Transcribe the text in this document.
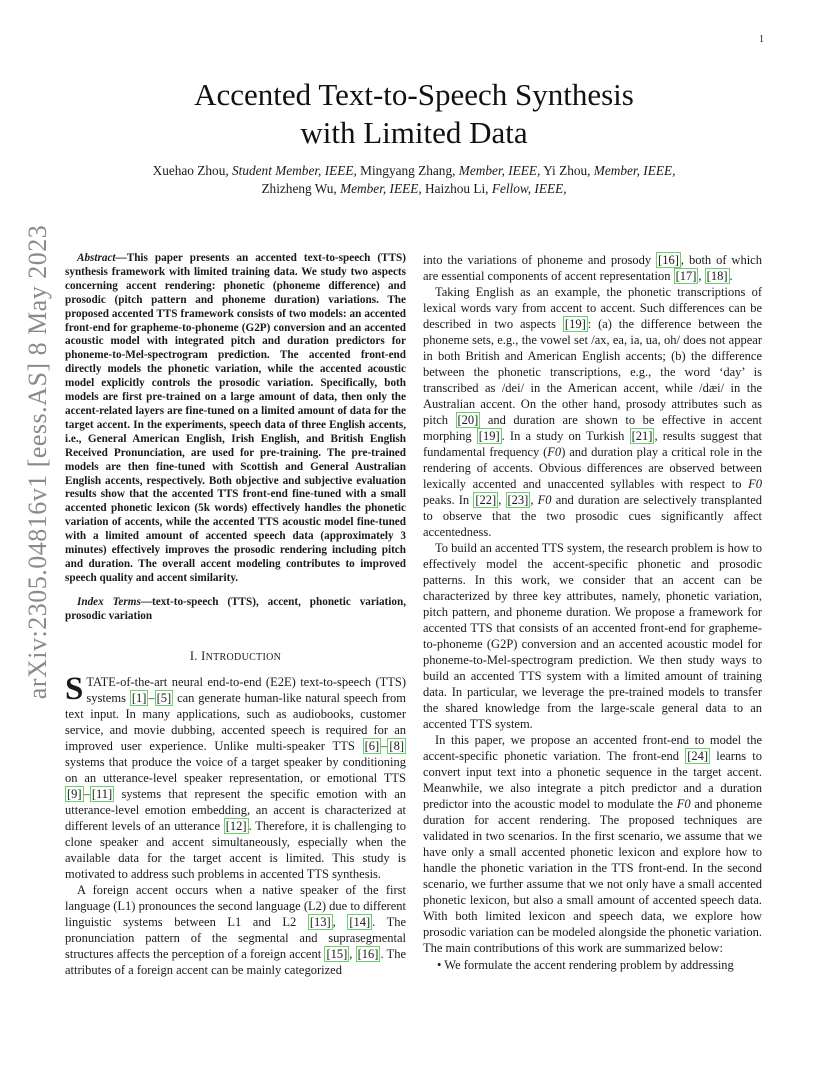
1
arXiv:2305.04816v1 [eess.AS] 8 May 2023
Accented Text-to-Speech Synthesis
with Limited Data
Xuehao Zhou, Student Member, IEEE, Mingyang Zhang, Member, IEEE, Yi Zhou, Member, IEEE,
Zhizheng Wu, Member, IEEE, Haizhou Li, Fellow, IEEE,

Abstract—This paper presents an accented text-to-speech (TTS) synthesis framework with limited training data. We study two aspects concerning accent rendering: phonetic (phoneme difference) and prosodic (pitch pattern and phoneme duration) variations. The proposed accented TTS framework consists of two models: an accented front-end for grapheme-to-phoneme (G2P) conversion and an accented acoustic model with integrated pitch and duration predictors for phoneme-to-Mel-spectrogram prediction. The accented front-end directly models the phonetic variation, while the accented acoustic model explicitly controls the prosodic variation. Specifically, both models are first pre-trained on a large amount of data, then only the accent-related layers are fine-tuned on a limited amount of data for the target accent. In the experiments, speech data of three English accents, i.e., General American English, Irish English, and British English Received Pronunciation, are used for pre-training. The pre-trained models are then fine-tuned with Scottish and General Australian English accents, respectively. Both objective and subjective evaluation results show that the accented TTS front-end fine-tuned with a small accented phonetic lexicon (5k words) effectively handles the phonetic variation of accents, while the accented TTS acoustic model fine-tuned with a limited amount of accented speech data (approximately 3 minutes) effectively improves the prosodic rendering including pitch and duration. The overall accent modeling contributes to improved speech quality and accent similarity.

Index Terms—text-to-speech (TTS), accent, phonetic variation, prosodic variation

I. INTRODUCTION

STATE-of-the-art neural end-to-end (E2E) text-to-speech (TTS) systems [1] – [5] can generate human-like natural speech from text input. In many applications, such as audiobooks, customer service, and movie dubbing, accented speech is required for an improved user experience. Unlike multi-speaker TTS [6] – [8] systems that produce the voice of a target speaker by conditioning on an utterance-level speaker representation, or emotional TTS [9] – [11] systems that represent the specific emotion with an utterance-level emotion embedding, an accent is characterized at different levels of an utterance [12] . Therefore, it is challenging to clone speaker and accent simultaneously, especially when the available data for the target accent is limited. This study is motivated to address such problems in accented TTS synthesis.

A foreign accent occurs when a native speaker of the first language (L1) pronounces the second language (L2) due to different linguistic systems between L1 and L2 [13] , [14] . The pronunciation pattern of the segmental and suprasegmental structures affects the perception of a foreign accent [15] , [16] . The attributes of a foreign accent can be mainly categorized

into the variations of phoneme and prosody [16] , both of which are essential components of accent representation [17] , [18] .

Taking English as an example, the phonetic transcriptions of lexical words vary from accent to accent. Such differences can be described in two aspects [19] : (a) the difference between the phoneme sets, e.g., the vowel set /ax, ea, ia, ua, oh/ does not appear in both British and American English accents; (b) the difference between the phonetic transcriptions, e.g., the word ‘day’ is transcribed as /dei/ in the American accent, while /dæi/ in the Australian accent. On the other hand, prosody attributes such as pitch [20] and duration are shown to be effective in accent morphing [19] . In a study on Turkish [21] , results suggest that fundamental frequency (F0) and duration play a critical role in the rendering of accents. Obvious differences are observed between lexically accented and unaccented syllables with respect to F0 peaks. In [22] , [23] , F0 and duration are selectively transplanted to observe that the two prosodic cues significantly affect accentedness.

To build an accented TTS system, the research problem is how to effectively model the accent-specific phonetic and prosodic patterns. In this work, we consider that an accent can be characterized by three key attributes, namely, phonetic variation, pitch pattern, and phoneme duration. We propose a framework for accented TTS that consists of an accented front-end for grapheme-to-phoneme (G2P) conversion and an accented acoustic model for phoneme-to-Mel-spectrogram prediction. We then study ways to build an accented TTS system with a limited amount of training data. In particular, we leverage the pre-trained models to transfer the shared knowledge from the large-scale general data to an accented TTS system.

In this paper, we propose an accented front-end to model the accent-specific phonetic variation. The front-end [24] learns to convert input text into a phonetic sequence in the target accent. Meanwhile, we also integrate a pitch predictor and a duration predictor into the acoustic model to modulate the F0 and phoneme duration for accent rendering. The proposed techniques are validated in two scenarios. In the first scenario, we assume that we have only a small accented phonetic lexicon and explore how to handle the phonetic variation in the TTS front-end. In the second scenario, we further assume that we not only have a small accented phonetic lexicon, but also a small amount of accented speech data. With both limited lexicon and speech data, we explore how prosodic variation can be modeled alongside the phonetic variation. The main contributions of this work are summarized below:

• We formulate the accent rendering problem by addressing
